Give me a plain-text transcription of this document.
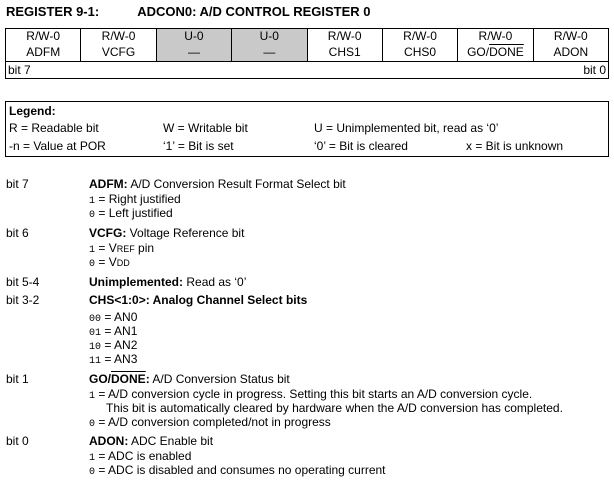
REGISTER 9-1:	ADCON0: A/D CONTROL REGISTER 0
R/W-0	R/W-0	U-0	U-0	R/W-0	R/W-0	R/W-0	R/W-0
ADFM	VCFG	—	—	CHS1	CHS0	GO/DONE	ADON
bit 7 bit 0							
Legend:
R = Readable bit	W = Writable bit	U = Unimplemented bit, read as ‘0’
-n = Value at POR	‘1’ = Bit is set	‘0’ = Bit is cleared	x = Bit is unknown
bit 7	ADFM: A/D Conversion Result Format Select bit
1 = Right justified
0 = Left justified
bit 6	VCFG: Voltage Reference bit
1 = VREF pin
0 = VDD
bit 5-4	Unimplemented: Read as ‘0’
bit 3-2	CHS<1:0>: Analog Channel Select bits
00 = AN0
01 = AN1
10 = AN2
11 = AN3
bit 1	GO/DONE: A/D Conversion Status bit
1 = A/D conversion cycle in progress. Setting this bit starts an A/D conversion cycle.
This bit is automatically cleared by hardware when the A/D conversion has completed.
0 = A/D conversion completed/not in progress
bit 0	ADON: ADC Enable bit
1 = ADC is enabled
0 = ADC is disabled and consumes no operating current
